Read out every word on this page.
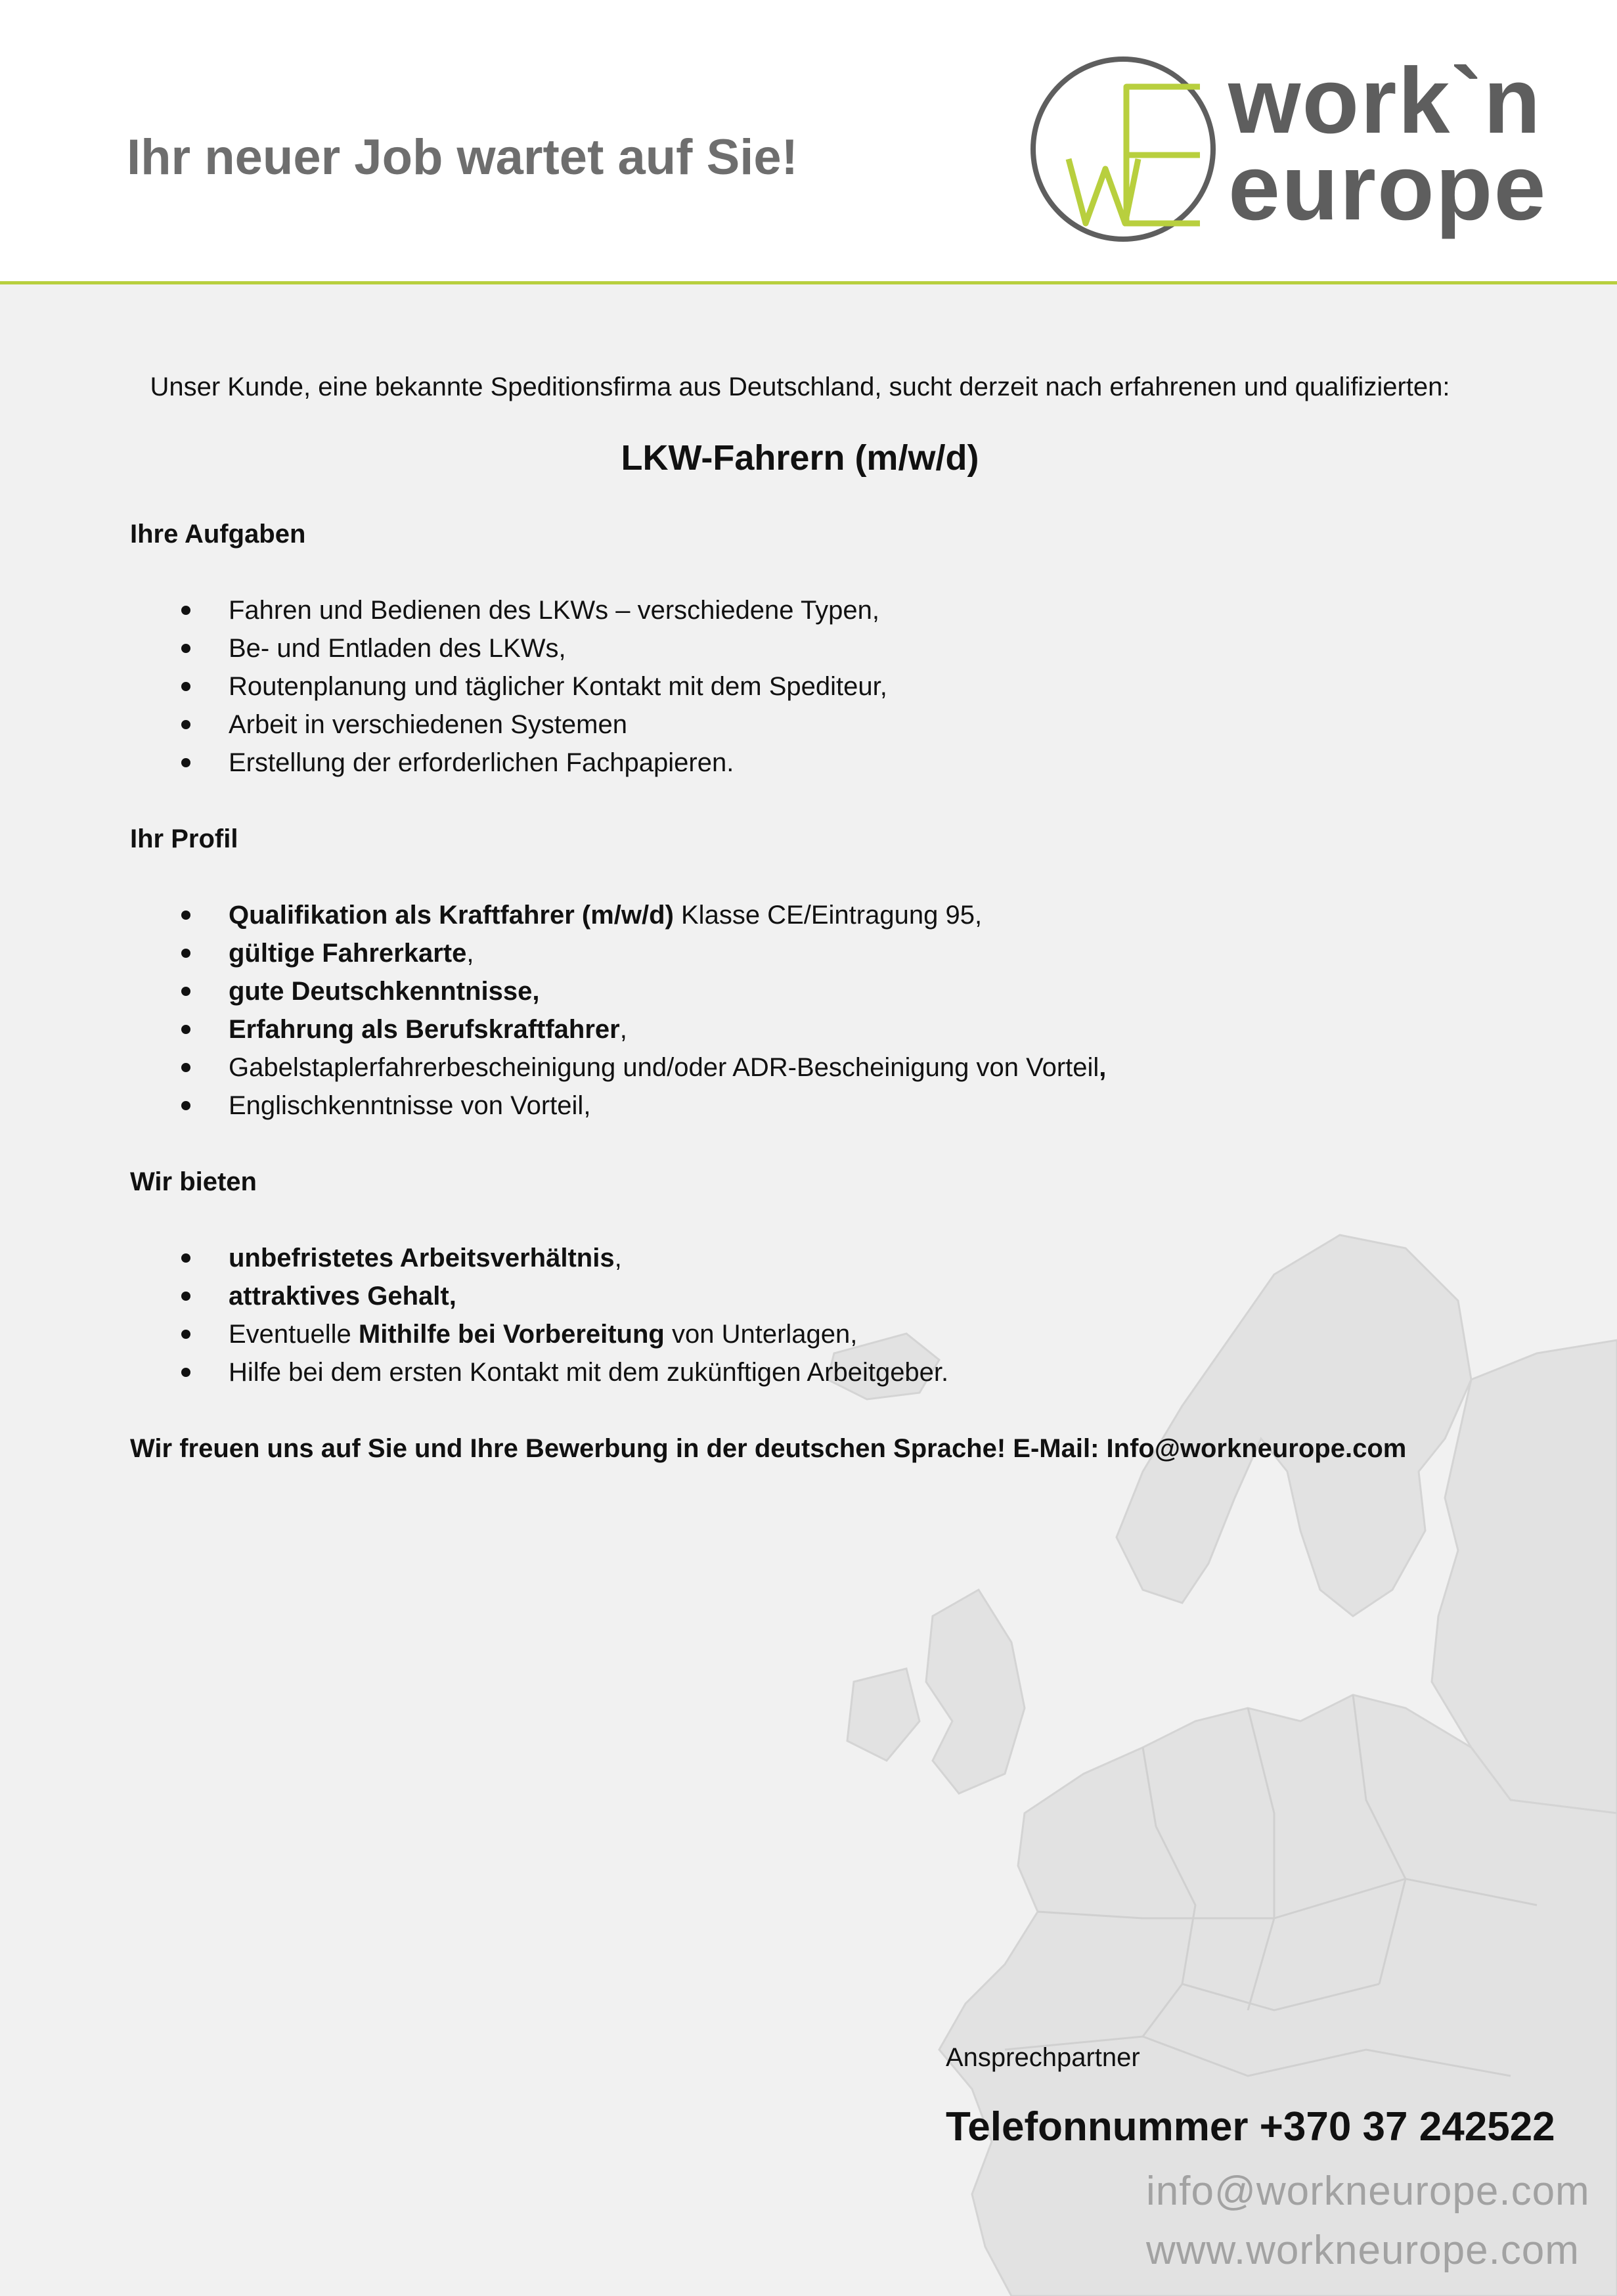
Ihr neuer Job wartet auf Sie!
work`n
europe

Unser Kunde, eine bekannte Speditionsfirma aus Deutschland, sucht derzeit nach erfahrenen und qualifizierten:

LKW-Fahrern (m/w/d)
Ihre Aufgaben
Fahren und Bedienen des LKWs – verschiedene Typen,
Be- und Entladen des LKWs,
Routenplanung und täglicher Kontakt mit dem Spediteur,
Arbeit in verschiedenen Systemen
Erstellung der erforderlichen Fachpapieren.
Ihr Profil
Qualifikation als Kraftfahrer (m/w/d) Klasse CE/Eintragung 95,
gültige Fahrerkarte,
gute Deutschkenntnisse,
Erfahrung als Berufskraftfahrer,
Gabelstaplerfahrerbescheinigung und/oder ADR-Bescheinigung von Vorteil,
Englischkenntnisse von Vorteil,
Wir bieten
unbefristetes Arbeitsverhältnis,
attraktives Gehalt,
Eventuelle Mithilfe bei Vorbereitung von Unterlagen,
Hilfe bei dem ersten Kontakt mit dem zukünftigen Arbeitgeber.
Wir freuen uns auf Sie und Ihre Bewerbung in der deutschen Sprache! E-Mail: Info@workneurope.com
Ansprechpartner
Telefonnummer +370 37 242522
info@workneurope.com
www.workneurope.com
